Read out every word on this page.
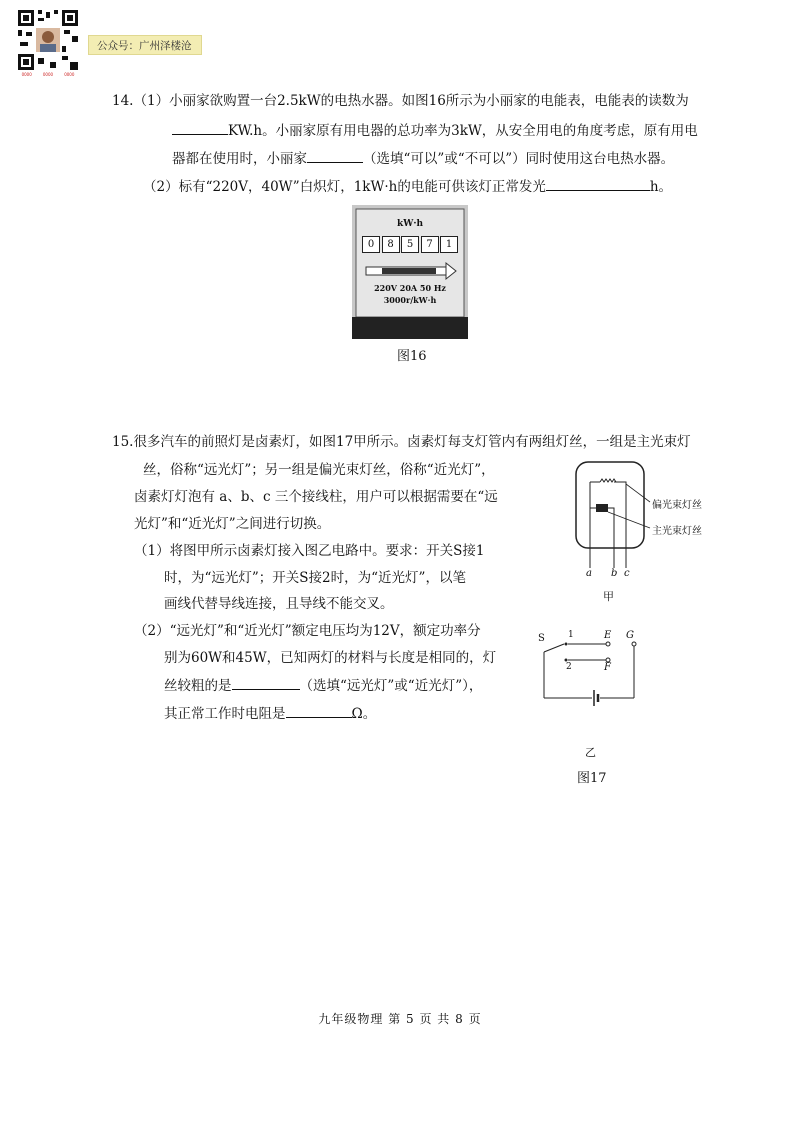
0000	0000	0000
公众号：广州泽楼沧
14.（1）小丽家欲购置一台2.5kW的电热水器。如图16所示为小丽家的电能表，电能表的读数为
KW.h。小丽家原有用电器的总功率为3kW，从安全用电的角度考虑，原有用电
器都在使用时，小丽家	（选填“可以”或“不可以”）同时使用这台电热水器。
（2）标有“220V，40W”白炽灯，1kW·h的电能可供该灯正常发光	h。
kW·h
0	8	5	7	1
220V 20A 50 Hz
3000r/kW·h
图16
15.很多汽车的前照灯是卤素灯，如图17甲所示。卤素灯每支灯管内有两组灯丝，一组是主光束灯
丝，俗称“远光灯”；另一组是偏光束灯丝，俗称“近光灯”，
卤素灯灯泡有 a、b、c 三个接线柱，用户可以根据需要在“远
光灯”和“近光灯”之间进行切换。
（1）将图甲所示卤素灯接入图乙电路中。要求：开关S接1
时，为“远光灯”；开关S接2时，为“近光灯”，以笔
画线代替导线连接，且导线不能交叉。
（2）“远光灯”和“近光灯”额定电压均为12V，额定功率分
别为60W和45W，已知两灯的材料与长度是相同的，灯
丝较粗的是	（选填“远光灯”或“近光灯”），
其正常工作时电阻是	Ω。
偏光束灯丝
主光束灯丝
a b c
甲
S	1
2
E
F
G
乙
图17
九年级物理 第 5 页 共 8 页
